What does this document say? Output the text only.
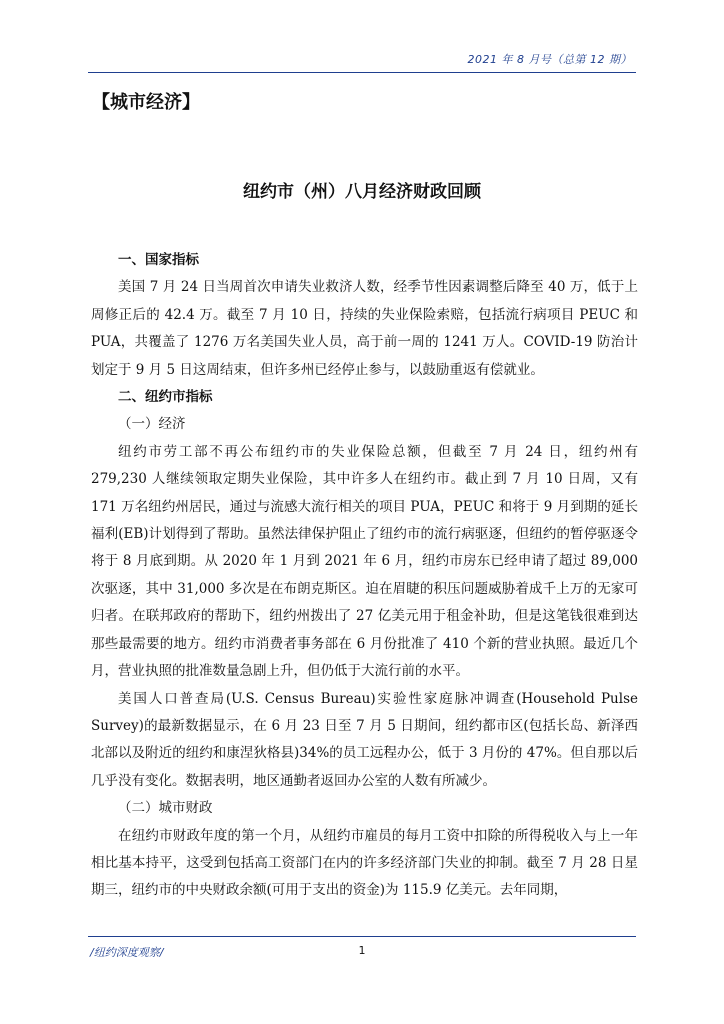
2021 年 8 月号（总第 12 期）
【城市经济】
纽约市（州）八月经济财政回顾

一、国家指标

美国 7 月 24 日当周首次申请失业救济人数，经季节性因素调整后降至 40 万，低于上周修正后的 42.4 万。截至 7 月 10 日，持续的失业保险索赔，包括流行病项目 PEUC 和 PUA，共覆盖了 1276 万名美国失业人员，高于前一周的 1241 万人。COVID-19 防治计划定于 9 月 5 日这周结束，但许多州已经停止参与，以鼓励重返有偿就业。

二、纽约市指标

（一）经济

纽约市劳工部不再公布纽约市的失业保险总额，但截至 7 月 24 日，纽约州有 279,230 人继续领取定期失业保险，其中许多人在纽约市。截止到 7 月 10 日周，又有 171 万名纽约州居民，通过与流感大流行相关的项目 PUA，PEUC 和将于 9 月到期的延长福利(EB)计划得到了帮助。虽然法律保护阻止了纽约市的流行病驱逐，但纽约的暂停驱逐令将于 8 月底到期。从 2020 年 1 月到 2021 年 6 月，纽约市房东已经申请了超过 89,000 次驱逐，其中 31,000 多次是在布朗克斯区。迫在眉睫的积压问题威胁着成千上万的无家可归者。在联邦政府的帮助下，纽约州拨出了 27 亿美元用于租金补助，但是这笔钱很难到达那些最需要的地方。纽约市消费者事务部在 6 月份批准了 410 个新的营业执照。最近几个月，营业执照的批准数量急剧上升，但仍低于大流行前的水平。

美国人口普查局(U.S. Census Bureau)实验性家庭脉冲调查(Household Pulse Survey)的最新数据显示，在 6 月 23 日至 7 月 5 日期间，纽约都市区(包括长岛、新泽西北部以及附近的纽约和康涅狄格县)34%的员工远程办公，低于 3 月份的 47%。但自那以后几乎没有变化。数据表明，地区通勤者返回办公室的人数有所减少。

（二）城市财政

在纽约市财政年度的第一个月，从纽约市雇员的每月工资中扣除的所得税收入与上一年相比基本持平，这受到包括高工资部门在内的许多经济部门失业的抑制。截至 7 月 28 日星期三，纽约市的中央财政余额(可用于支出的资金)为 115.9 亿美元。去年同期，

/纽约深度观察/	1
